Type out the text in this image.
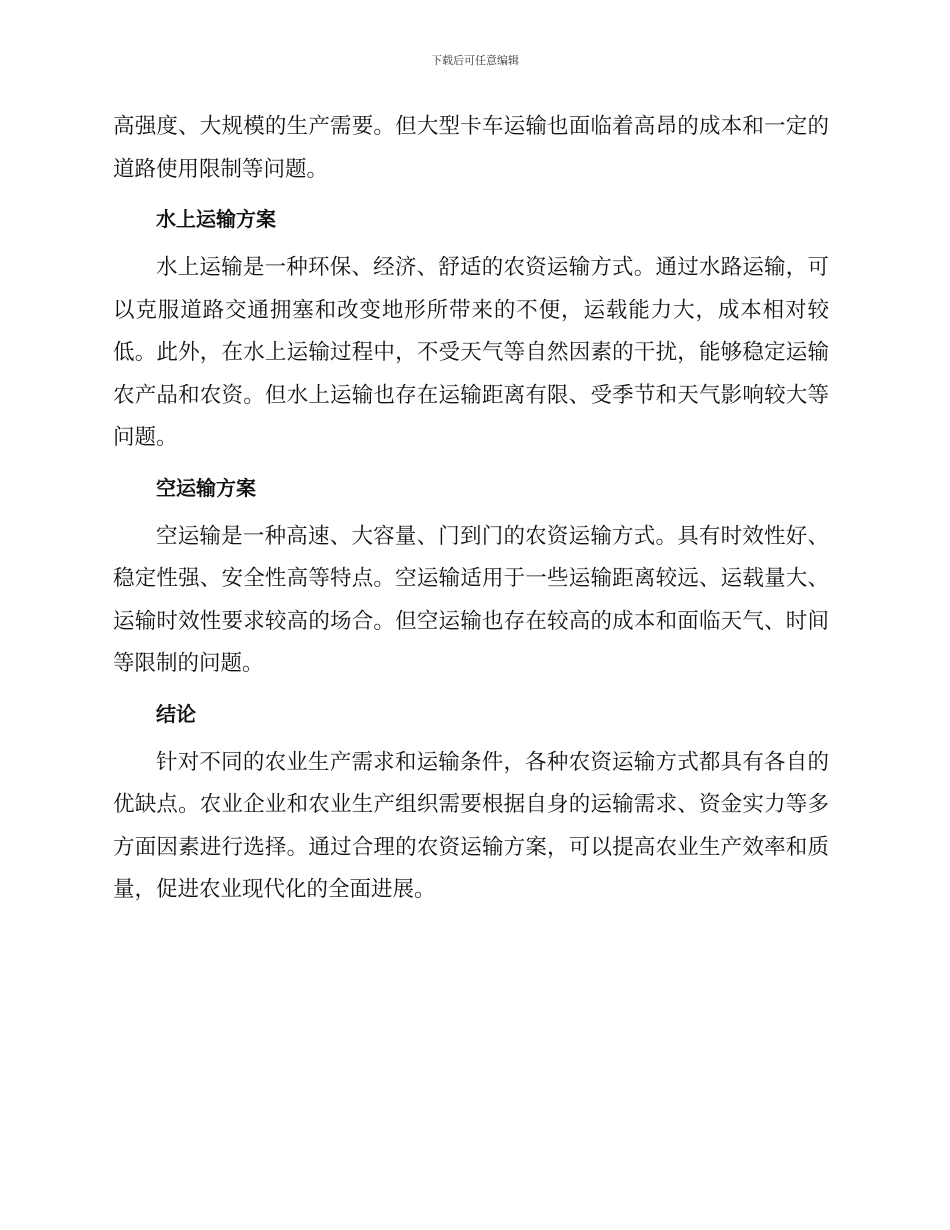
下载后可任意编辑

高强度、大规模的生产需要。但大型卡车运输也面临着高昂的成本和一定的道路使用限制等问题。

水上运输方案

水上运输是一种环保、经济、舒适的农资运输方式。通过水路运输，可以克服道路交通拥塞和改变地形所带来的不便，运载能力大，成本相对较低。此外，在水上运输过程中，不受天气等自然因素的干扰，能够稳定运输农产品和农资。但水上运输也存在运输距离有限、受季节和天气影响较大等问题。

空运输方案

空运输是一种高速、大容量、门到门的农资运输方式。具有时效性好、稳定性强、安全性高等特点。空运输适用于一些运输距离较远、运载量大、运输时效性要求较高的场合。但空运输也存在较高的成本和面临天气、时间等限制的问题。

结论

针对不同的农业生产需求和运输条件，各种农资运输方式都具有各自的优缺点。农业企业和农业生产组织需要根据自身的运输需求、资金实力等多方面因素进行选择。通过合理的农资运输方案，可以提高农业生产效率和质量，促进农业现代化的全面进展。
